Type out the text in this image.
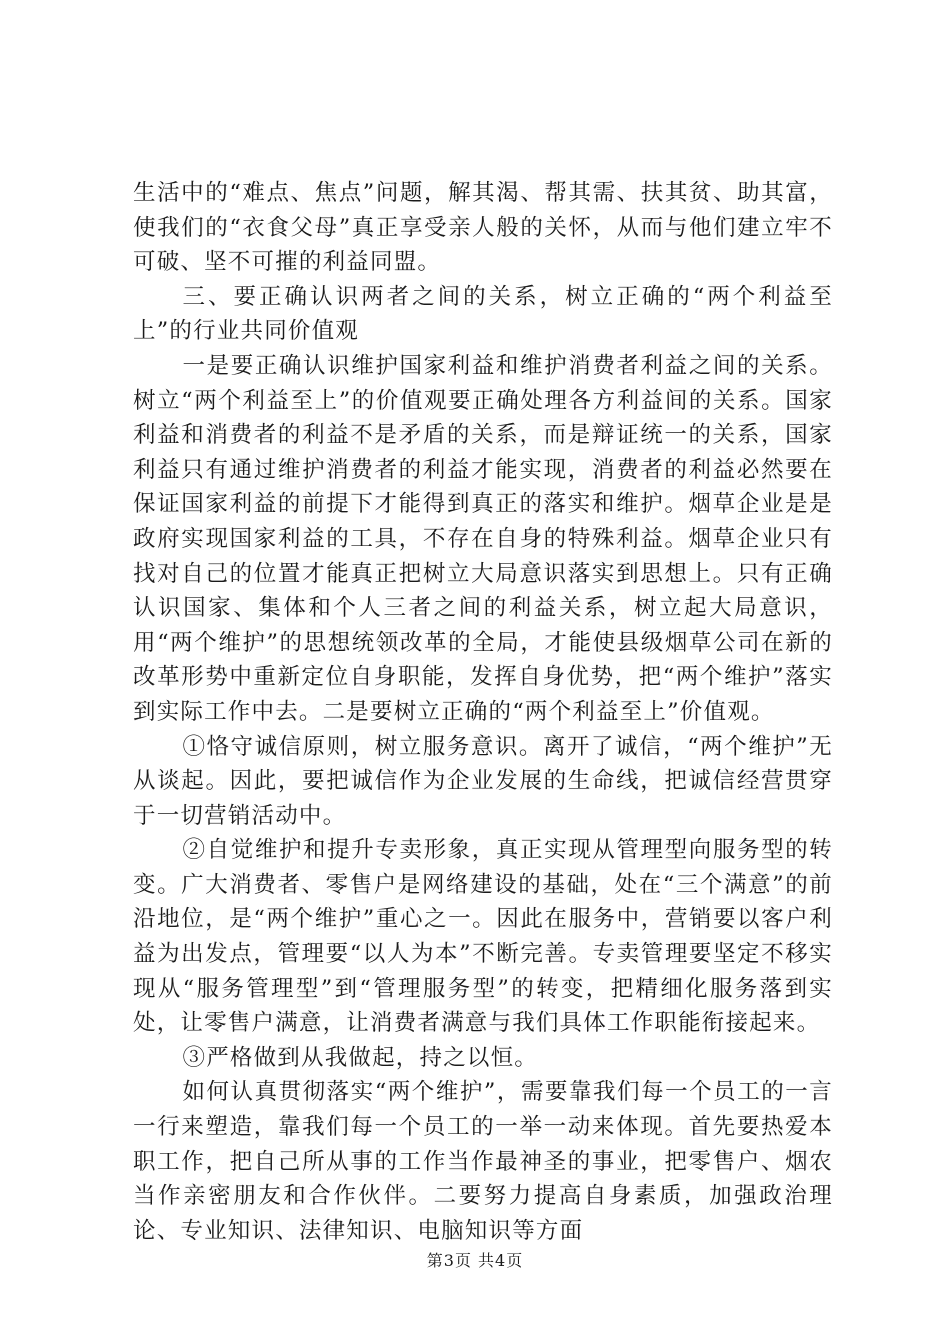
生活中的“难点、焦点”问题，解其渴、帮其需、扶其贫、助其富，使我们的“衣食父母”真正享受亲人般的关怀，从而与他们建立牢不可破、坚不可摧的利益同盟。

三、要正确认识两者之间的关系，树立正确的“两个利益至上”的行业共同价值观

一是要正确认识维护国家利益和维护消费者利益之间的关系。树立“两个利益至上”的价值观要正确处理各方利益间的关系。国家利益和消费者的利益不是矛盾的关系，而是辩证统一的关系，国家利益只有通过维护消费者的利益才能实现，消费者的利益必然要在保证国家利益的前提下才能得到真正的落实和维护。烟草企业是是政府实现国家利益的工具，不存在自身的特殊利益。烟草企业只有找对自己的位置才能真正把树立大局意识落实到思想上。只有正确认识国家、集体和个人三者之间的利益关系，树立起大局意识，用“两个维护”的思想统领改革的全局，才能使县级烟草公司在新的改革形势中重新定位自身职能，发挥自身优势，把“两个维护”落实到实际工作中去。二是要树立正确的“两个利益至上”价值观。

①恪守诚信原则，树立服务意识。离开了诚信，“两个维护”无从谈起。因此，要把诚信作为企业发展的生命线，把诚信经营贯穿于一切营销活动中。

②自觉维护和提升专卖形象，真正实现从管理型向服务型的转变。广大消费者、零售户是网络建设的基础，处在“三个满意”的前沿地位，是“两个维护”重心之一。因此在服务中，营销要以客户利益为出发点，管理要“以人为本”不断完善。专卖管理要坚定不移实现从“服务管理型”到“管理服务型”的转变，把精细化服务落到实处，让零售户满意，让消费者满意与我们具体工作职能衔接起来。

③严格做到从我做起，持之以恒。

如何认真贯彻落实“两个维护”，需要靠我们每一个员工的一言一行来塑造，靠我们每一个员工的一举一动来体现。首先要热爱本职工作，把自己所从事的工作当作最神圣的事业，把零售户、烟农当作亲密朋友和合作伙伴。二要努力提高自身素质，加强政治理论、专业知识、法律知识、电脑知识等方面

第3页 共4页
